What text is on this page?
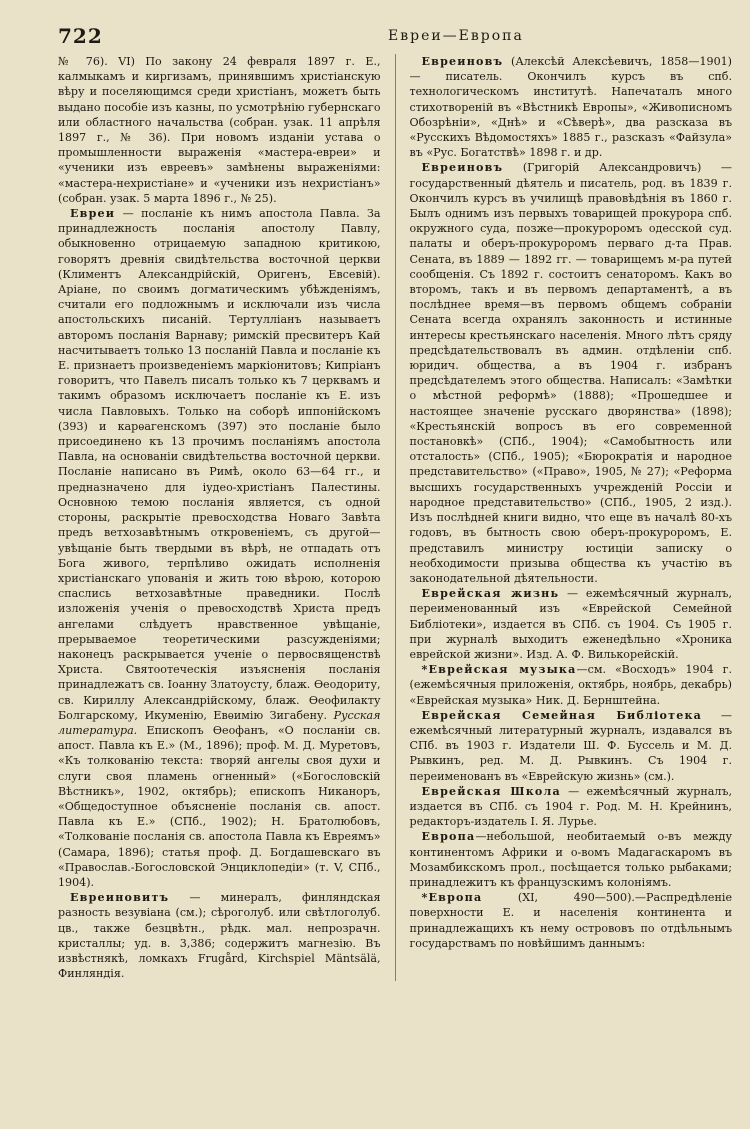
722	Евреи—Европа

№ 76). VI) По закону 24 февраля 1897 г. Е., калмыкамъ и киргизамъ, принявшимъ христіанскую вѣру и поселяющимся среди христіанъ, можетъ быть выдано пособіе изъ казны, по усмотрѣнію губернскаго или областного начальства (собран. узак. 11 апрѣля 1897 г., № 36). При новомъ изданіи устава о промышленности выраженія «мастера-евреи» и «ученики изъ евреевъ» замѣнены выраженіями: «мастера-нехристіане» и «ученики изъ нехристіанъ» (собран. узак. 5 марта 1896 г., № 25).

Евреи — посланіе къ нимъ апостола Павла. За принадлежность посланія апостолу Павлу, обыкновенно отрицаемую западною критикою, говорятъ древнія свидѣтельства восточной церкви (Климентъ Александрійскій, Оригенъ, Евсевій). Аріане, по своимъ догматическимъ убѣжденіямъ, считали его подложнымъ и исключали изъ числа апостольскихъ писаній. Тертулліанъ называетъ авторомъ посланія Варнаву; римскій пресвитеръ Кай насчитываетъ только 13 посланій Павла и посланіе къ Е. признаетъ произведеніемъ маркіонитовъ; Кипріанъ говоритъ, что Павелъ писалъ только къ 7 церквамъ и такимъ образомъ исключаетъ посланіе къ Е. изъ числа Павловыхъ. Только на соборѣ иппонійскомъ (393) и карѳагенскомъ (397) это посланіе было присоединено къ 13 прочимъ посланіямъ апостола Павла, на основаніи свидѣтельства восточной церкви. Посланіе написано въ Римѣ, около 63—64 гг., и предназначено для іудео-христіанъ Палестины. Основною темою посланія является, съ одной стороны, раскрытіе превосходства Новаго Завѣта предъ ветхозавѣтнымъ откровеніемъ, съ другой— увѣщаніе быть твердыми въ вѣрѣ, не отпадать отъ Бога живого, терпѣливо ожидать исполненія христіанскаго упованія и жить тою вѣрою, которою спаслись ветхозавѣтные праведники. Послѣ изложенія ученія о превосходствѣ Христа предъ ангелами слѣдуетъ нравственное увѣщаніе, прерываемое теоретическими разсужденіями; наконецъ раскрывается ученіе о первосвященствѣ Христа. Святоотеческія изъясненія посланія принадлежатъ св. Іоанну Златоусту, блаж. Ѳеодориту, св. Кириллу Александрійскому, блаж. Ѳеофилакту Болгарскому, Икуменію, Евѳимію Зигабену. Русская литература. Епископъ Ѳеофанъ, «О посланіи св. апост. Павла къ Е.» (М., 1896); проф. М. Д. Муретовъ, «Къ толкованію текста: творяй ангелы своя духи и слуги своя пламень огненный» («Богословскій Вѣстникъ», 1902, октябрь); епископъ Никаноръ, «Общедоступное объясненіе посланія св. апост. Павла къ Е.» (СПб., 1902); Н. Братолюбовъ, «Толкованіе посланія св. апостола Павла къ Евреямъ» (Самара, 1896); статья проф. Д. Богдашевскаго въ «Православ.-Богословской Энциклопедіи» (т. V, СПб., 1904).

Евреиновитъ — минералъ, финляндская разность везувіана (см.); сѣроголуб. или свѣтлоголуб. цв., также безцвѣтн., рѣдк. мал. непрозрачн. кристаллы; уд. в. 3,386; содержитъ магнезію. Въ извѣстнякѣ, ломкахъ Frugård, Kirchspiel Mäntsälä, Финляндія.

Евреиновъ (Алексѣй Алексѣевичъ, 1858—1901) — писатель. Окончилъ курсъ въ спб. технологическомъ институтѣ. Напечаталъ много стихотвореній въ «Вѣстникѣ Европы», «Живописномъ Обозрѣніи», «Днѣ» и «Сѣверѣ», два разсказа въ «Русскихъ Вѣдомостяхъ» 1885 г., разсказъ «Файзула» въ «Рус. Богатствѣ» 1898 г. и др.

Евреиновъ (Григорій Александровичъ) — государственный дѣятель и писатель, род. въ 1839 г. Окончилъ курсъ въ училищѣ правовѣдѣнія въ 1860 г. Былъ однимъ изъ первыхъ товарищей прокурора спб. окружного суда, позже—прокуроромъ одесской суд. палаты и оберъ-прокуроромъ перваго д-та Прав. Сената, въ 1889 — 1892 гг. — товарищемъ м-ра путей сообщенія. Съ 1892 г. состоитъ сенаторомъ. Какъ во второмъ, такъ и въ первомъ департаментѣ, а въ послѣднее время—въ первомъ общемъ собраніи Сената всегда охранялъ законность и истинные интересы крестьянскаго населенія. Много лѣтъ сряду предсѣдательствовалъ въ админ. отдѣленіи спб. юридич. общества, а въ 1904 г. избранъ предсѣдателемъ этого общества. Написалъ: «Замѣтки о мѣстной реформѣ» (1888); «Прошедшее и настоящее значеніе русскаго дворянства» (1898); «Крестьянскій вопросъ въ его современной постановкѣ» (СПб., 1904); «Самобытность или отсталость» (СПб., 1905); «Бюрократія и народное представительство» («Право», 1905, № 27); «Реформа высшихъ государственныхъ учрежденій Россіи и народное представительство» (СПб., 1905, 2 изд.). Изъ послѣдней книги видно, что еще въ началѣ 80-хъ годовъ, въ бытность свою оберъ-прокуроромъ, Е. представилъ министру юстиціи записку о необходимости призыва общества къ участію въ законодательной дѣятельности.

Еврейская жизнь — ежемѣсячный журналъ, переименованный изъ «Еврейской Семейной Библіотеки», издается въ СПб. съ 1904. Съ 1905 г. при журналѣ выходитъ еженедѣльно «Хроника еврейской жизни». Изд. А. Ф. Вилькорейскій.

*Еврейская музыка—см. «Восходъ» 1904 г. (ежемѣсячныя приложенія, октябрь, ноябрь, декабрь) «Еврейская музыка» Ник. Д. Бернштейна.

Еврейская Семейная Библіотека — ежемѣсячный литературный журналъ, издавался въ СПб. въ 1903 г. Издатели Ш. Ф. Буссель и М. Д. Рывкинъ, ред. М. Д. Рывкинъ. Съ 1904 г. переименованъ въ «Еврейскую жизнь» (см.).

Еврейская Школа — ежемѣсячный журналъ, издается въ СПб. съ 1904 г. Род. М. Н. Крейнинъ, редакторъ-издатель І. Я. Лурье.

Европа—небольшой, необитаемый о-въ между континентомъ Африки и о-вомъ Мадагаскаромъ въ Мозамбикскомъ прол., посѣщается только рыбаками; принадлежитъ къ французскимъ колоніямъ.

*Европа (XI, 490—500).—Распредѣленіе поверхности Е. и населенія континента и принадлежащихъ къ нему острововъ по отдѣльнымъ государствамъ по новѣйшимъ даннымъ:
